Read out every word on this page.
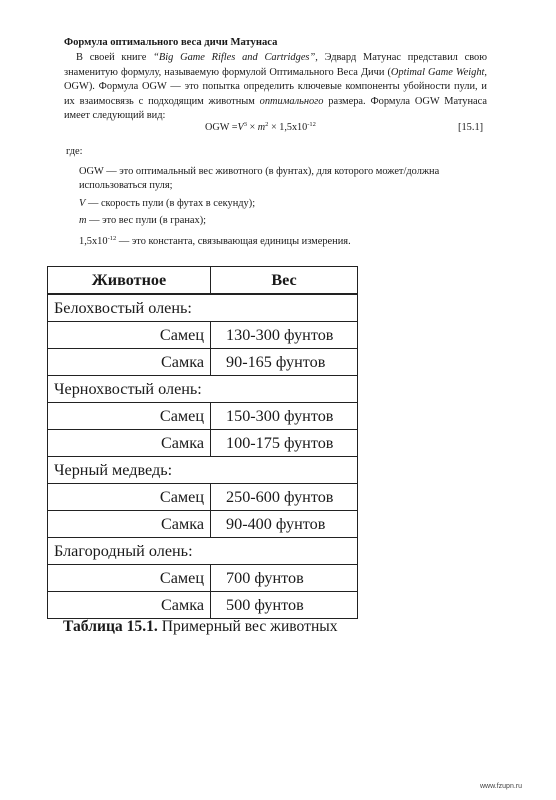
Формула оптимального веса дичи Матунаса
В своей книге “Big Game Rifles and Cartridges”, Эдвард Матунас представил свою знаменитую формулу, называемую формулой Оптимального Веса Дичи (Optimal Game Weight, OGW). Формула OGW — это попытка определить ключевые компоненты убойности пули, и их взаимосвязь с подходящим животным оптимального размера. Формула OGW Матунаса имеет следующий вид:
OGW $=V^3 \times m^2 \times 1,5x10^{-12}$	[15.1]
где:

OGW — это оптимальный вес животного (в фунтах), для которого может/должна использоваться пуля;

V — скорость пули (в футах в секунду);

m — это вес пули (в гранах);

$1,5x10^{-12}$ — это константа, связывающая единицы измерения.

Животное	Вес
Белохвостый олень:	
Самец	130-300 фунтов
Самка	90-165 фунтов
Чернохвостый олень:	
Самец	150-300 фунтов
Самка	100-175 фунтов
Черный медведь:	
Самец	250-600 фунтов
Самка	90-400 фунтов
Благородный олень:	
Самец	700 фунтов
Самка	500 фунтов
Таблица 15.1. Примерный вес животных
www.fzupn.ru
